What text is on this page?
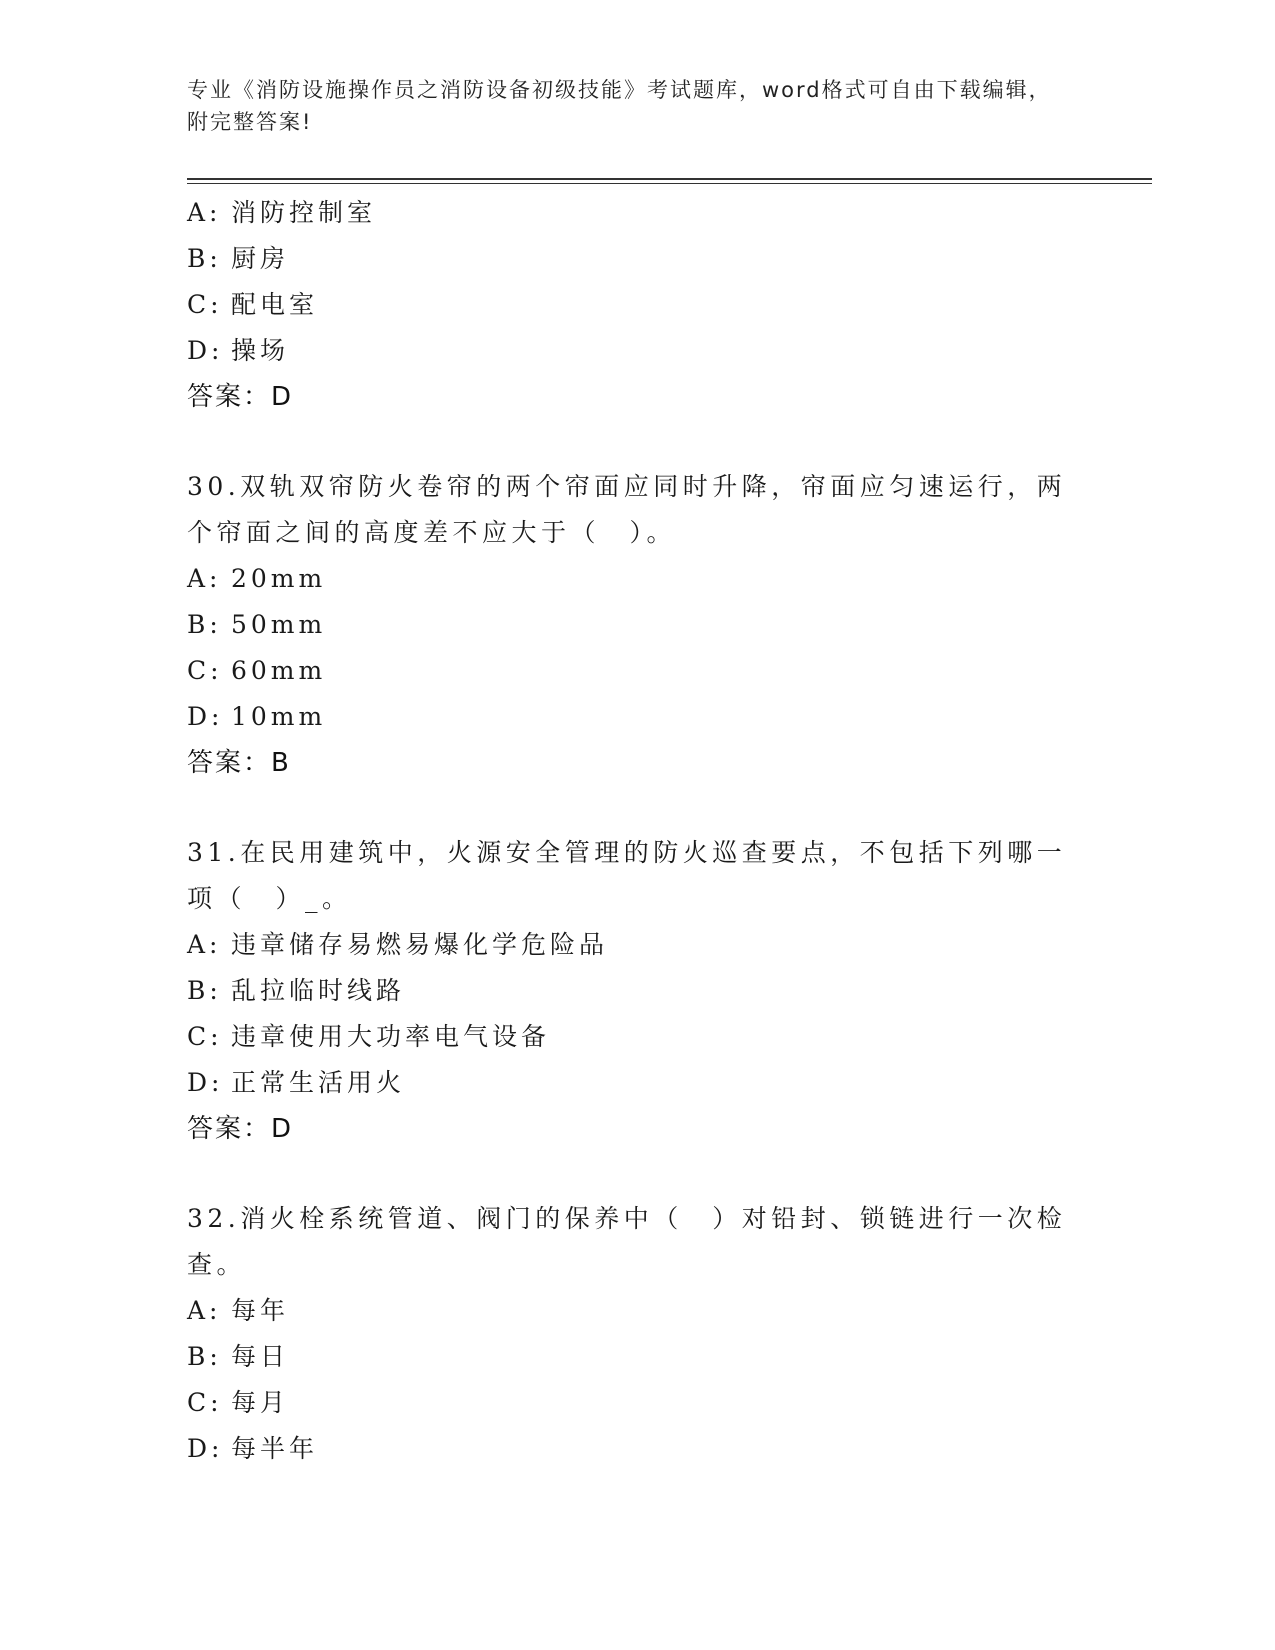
专业《消防设施操作员之消防设备初级技能》考试题库，word格式可自由下载编辑，附完整答案!
A: 消防控制室
B: 厨房
C: 配电室
D: 操场
答案：D
30.双轨双帘防火卷帘的两个帘面应同时升降，帘面应匀速运行，两个帘面之间的高度差不应大于（　）。
A: 20mm
B: 50mm
C: 60mm
D: 10mm
答案：B
31.在民用建筑中，火源安全管理的防火巡查要点，不包括下列哪一项（　）_。
A: 违章储存易燃易爆化学危险品
B: 乱拉临时线路
C: 违章使用大功率电气设备
D: 正常生活用火
答案：D
32.消火栓系统管道、阀门的保养中（　）对铅封、锁链进行一次检查。
A: 每年
B: 每日
C: 每月
D: 每半年
